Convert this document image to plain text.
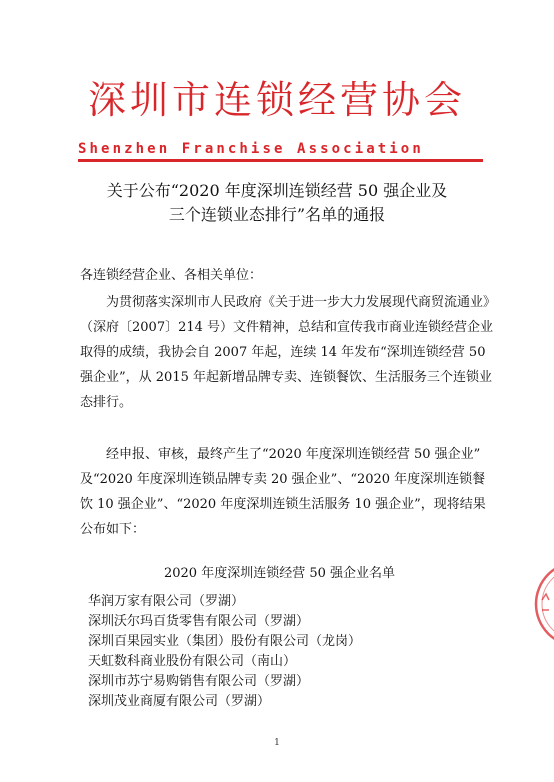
深圳市连锁经营协会
Shenzhen Franchise Association
关于公布“2020 年度深圳连锁经营 50 强企业及
三个连锁业态排行”名单的通报
各连锁经营企业、各相关单位：
为贯彻落实深圳市人民政府《关于进一步大力发展现代商贸流通业》
（深府〔2007〕214 号）文件精神，总结和宣传我市商业连锁经营企业
取得的成绩，我协会自 2007 年起，连续 14 年发布“深圳连锁经营 50
强企业”，从 2015 年起新增品牌专卖、连锁餐饮、生活服务三个连锁业
态排行。
经申报、审核，最终产生了“2020 年度深圳连锁经营 50 强企业”
及“2020 年度深圳连锁品牌专卖 20 强企业”、“2020 年度深圳连锁餐
饮 10 强企业”、“2020 年度深圳连锁生活服务 10 强企业”，现将结果
公布如下：
2020 年度深圳连锁经营 50 强企业名单
华润万家有限公司（罗湖）
深圳沃尔玛百货零售有限公司（罗湖）
深圳百果园实业（集团）股份有限公司（龙岗）
天虹数科商业股份有限公司（南山）
深圳市苏宁易购销售有限公司（罗湖）
深圳茂业商厦有限公司（罗湖）
1
